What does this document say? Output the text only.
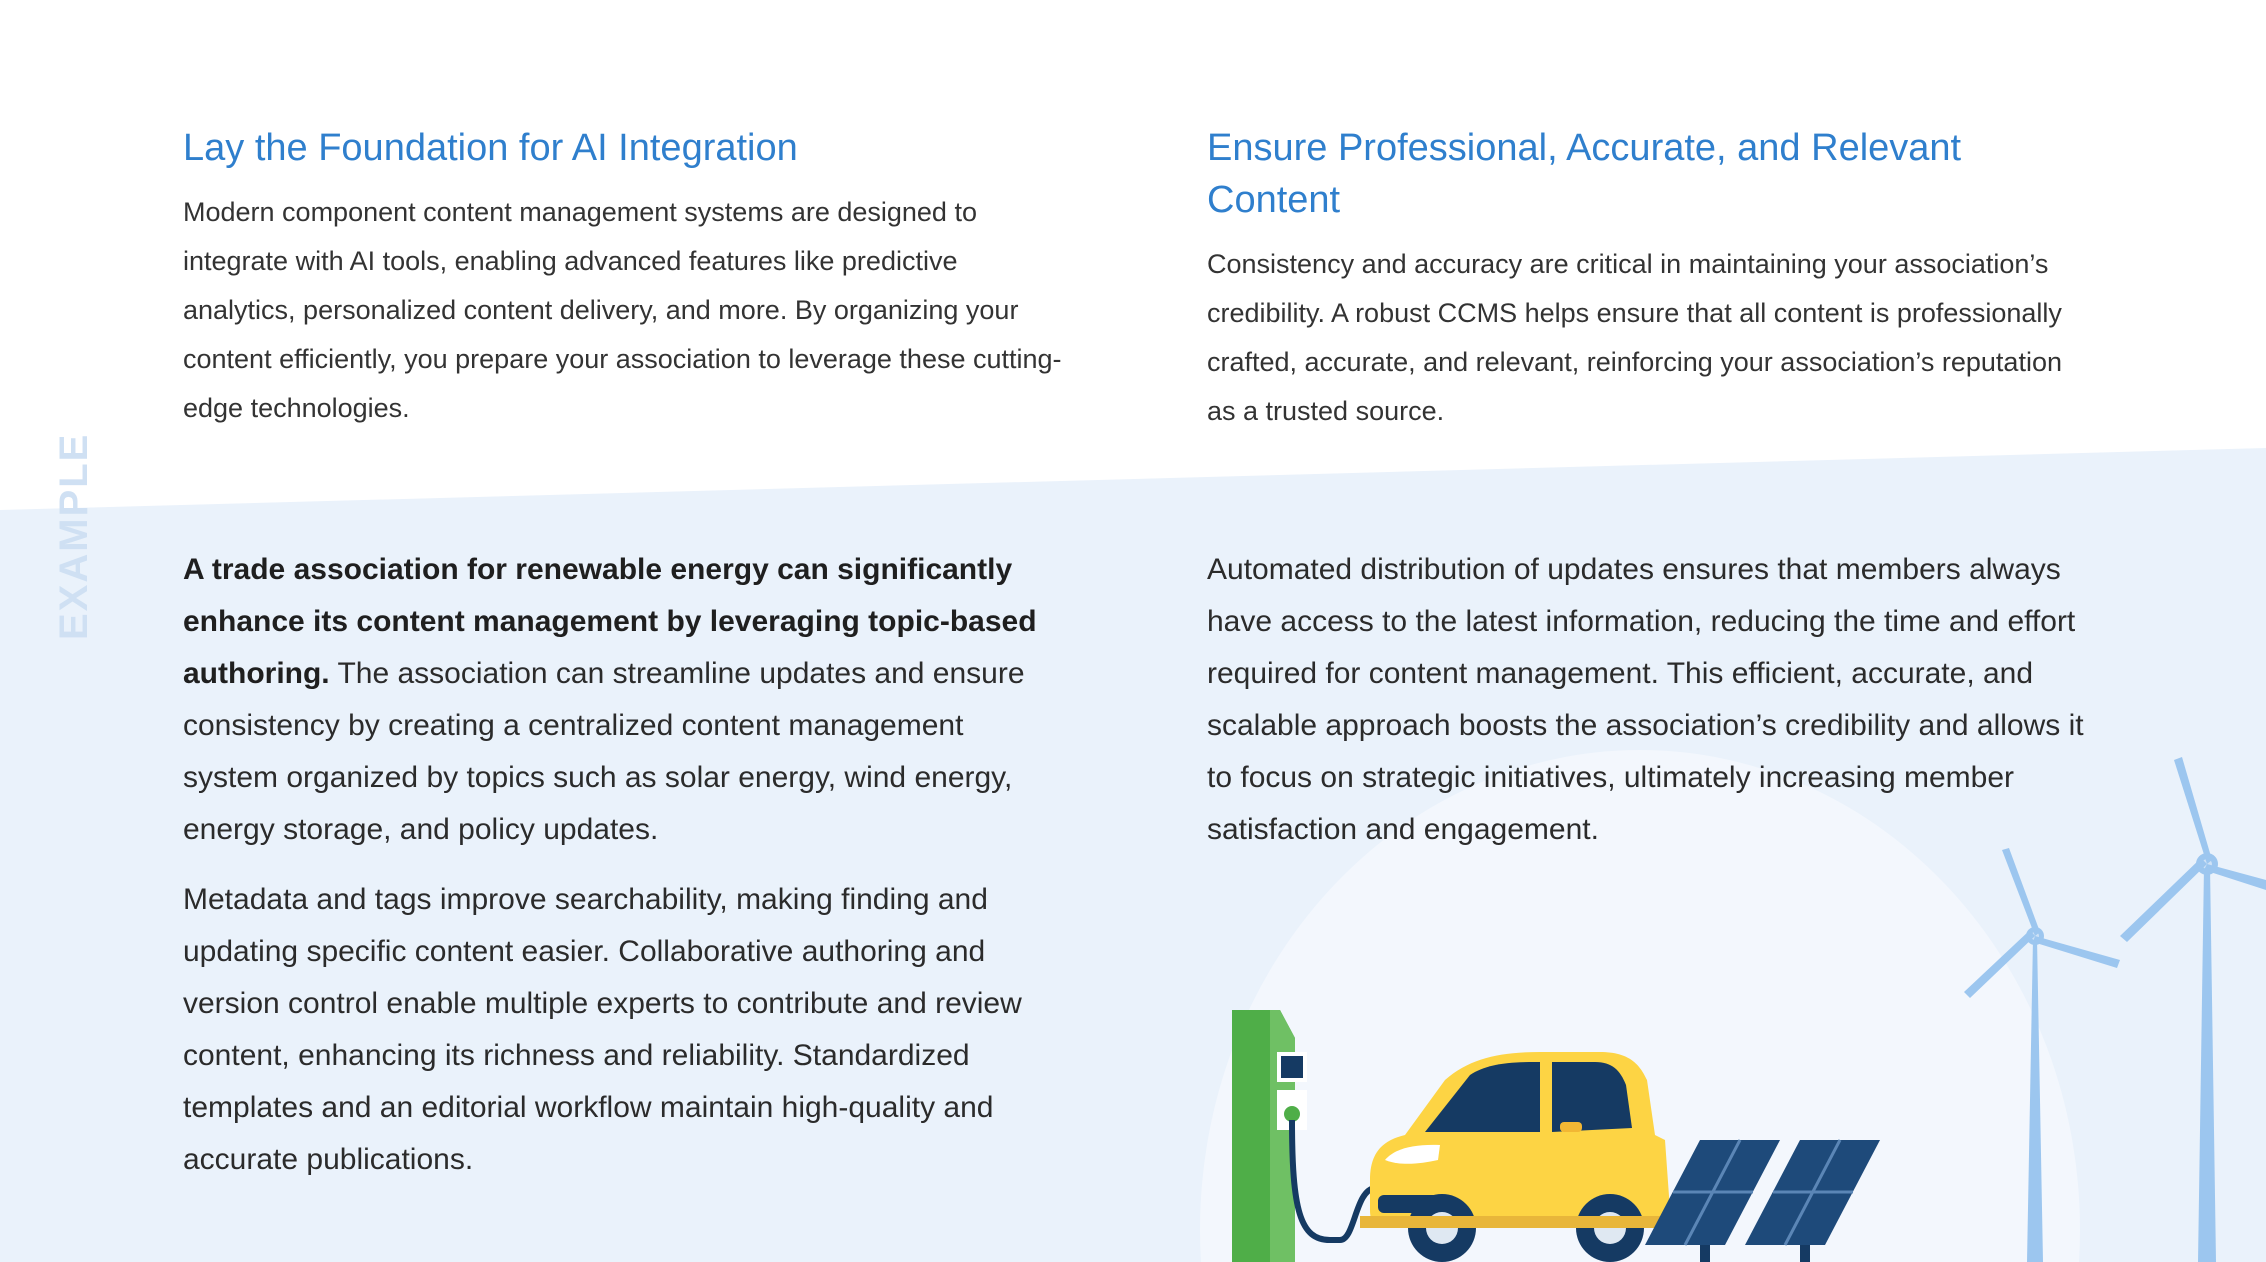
Lay the Foundation for AI Integration

Modern component content management systems are designed to integrate with AI tools, enabling advanced features like predictive analytics, personalized content delivery, and more. By organizing your content efficiently, you prepare your association to leverage these cutting-edge technologies.

Ensure Professional, Accurate, and Relevant Content

Consistency and accuracy are critical in maintaining your association’s credibility. A robust CCMS helps ensure that all content is professionally crafted, accurate, and relevant, reinforcing your association’s reputation as a trusted source.

EXAMPLE	A trade association for renewable energy can significantly enhance its content management by leveraging topic-based authoring. The association can streamline updates and ensure consistency by creating a centralized content management system organized by topics such as solar energy, wind energy, energy storage, and policy updates.

Metadata and tags improve searchability, making finding and updating specific content easier. Collaborative authoring and version control enable multiple experts to contribute and review content, enhancing its richness and reliability. Standardized templates and an editorial workflow maintain high-quality and accurate publications.

Automated distribution of updates ensures that members always have access to the latest information, reducing the time and effort required for content management. This efficient, accurate, and scalable approach boosts the association’s credibility and allows it to focus on strategic initiatives, ultimately increasing member satisfaction and engagement.
